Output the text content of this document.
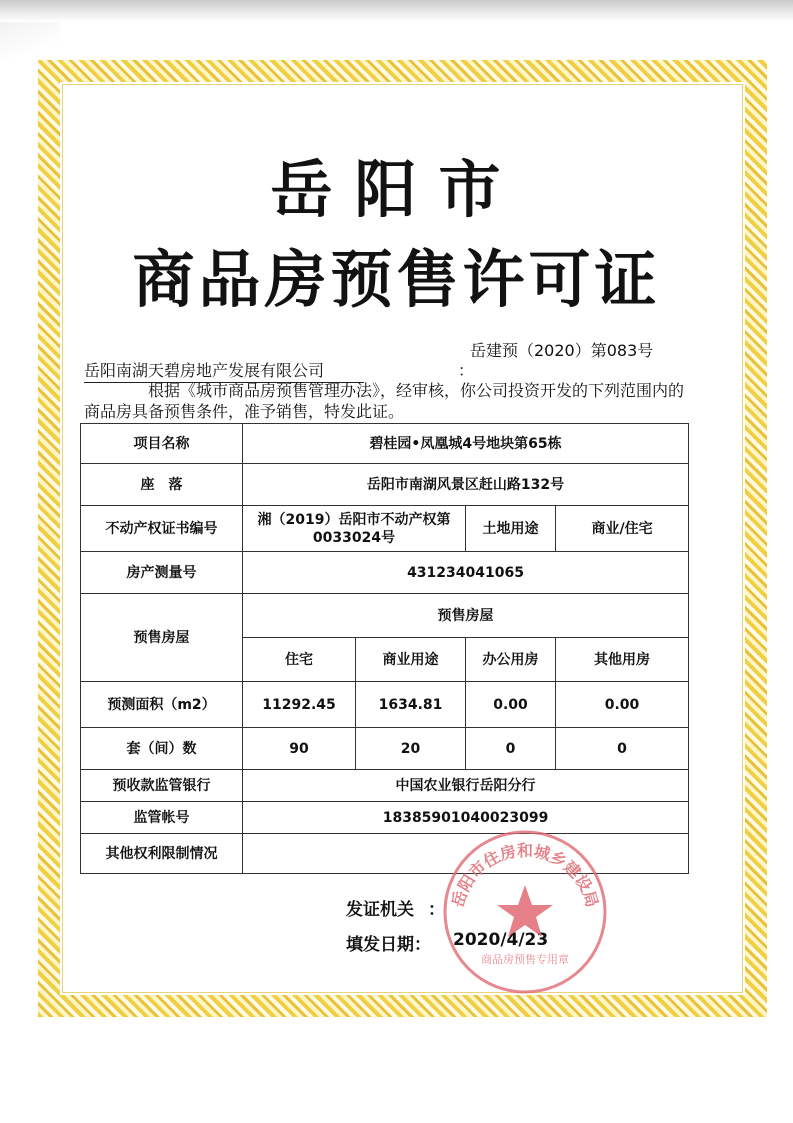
岳阳市
商品房预售许可证
岳建预（2020）第083号
岳阳南湖天碧房地产发展有限公司	：
根据《城市商品房预售管理办法》，经审核，你公司投资开发的下列范围内的商品房具备预售条件，准予销售，特发此证。
项目名称	碧桂园•凤凰城4号地块第65栋			
座　落	岳阳市南湖风景区赶山路132号			
不动产权证书编号	湘（2019）岳阳市不动产权第0033024号		土地用途	商业/住宅
房产测量号	431234041065			
预售房屋	预售房屋			
	住宅	商业用途	办公用房	其他用房
预测面积（m2）	11292.45	1634.81	0.00	0.00
套（间）数	90	20	0	0
预收款监管银行	中国农业银行岳阳分行			
监管帐号	18385901040023099			
其他权利限制情况				
发证机关 ：
填发日期： 2020/4/23
岳阳市住房和城乡建设局
商品房预售专用章
